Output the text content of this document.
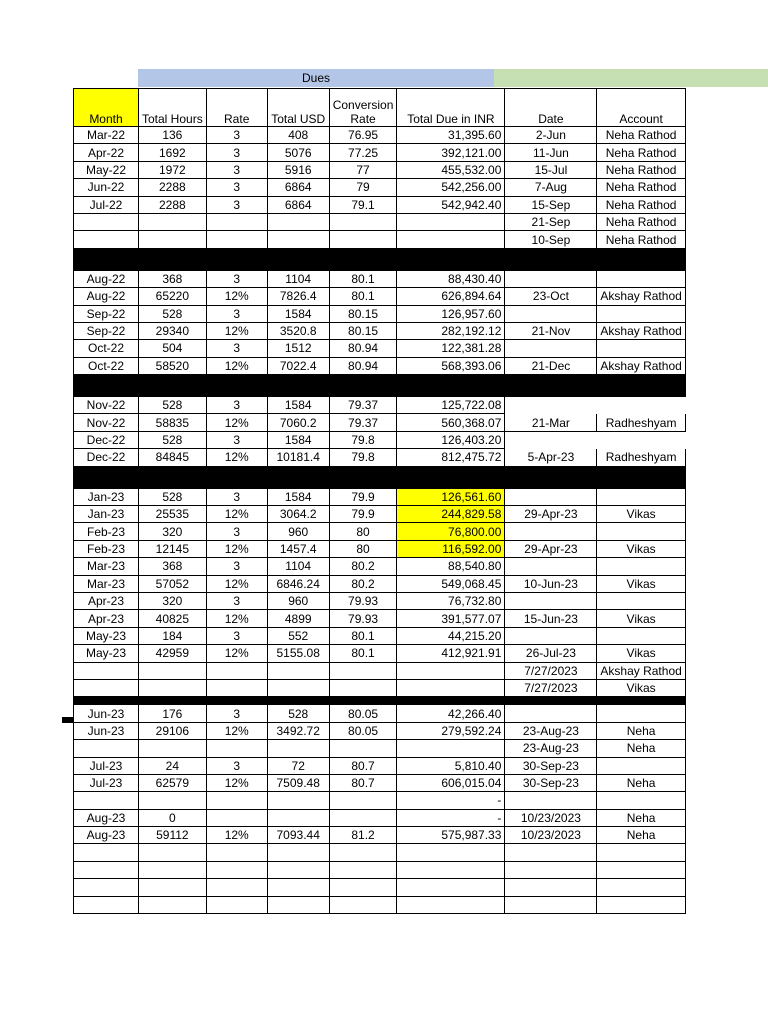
Dues
Month	Total Hours	Rate	Total USD	Conversion Rate	Total Due in INR	Date	Account
Mar-22	136	3	408	76.95	31,395.60	2-Jun	Neha Rathod
Apr-22	1692	3	5076	77.25	392,121.00	11-Jun	Neha Rathod
May-22	1972	3	5916	77	455,532.00	15-Jul	Neha Rathod
Jun-22	2288	3	6864	79	542,256.00	7-Aug	Neha Rathod
Jul-22	2288	3	6864	79.1	542,942.40	15-Sep	Neha Rathod
						21-Sep	Neha Rathod
						10-Sep	Neha Rathod

Aug-22	368	3	1104	80.1	88,430.40		
Aug-22	65220	12%	7826.4	80.1	626,894.64	23-Oct	Akshay Rathod
Sep-22	528	3	1584	80.15	126,957.60		
Sep-22	29340	12%	3520.8	80.15	282,192.12	21-Nov	Akshay Rathod
Oct-22	504	3	1512	80.94	122,381.28		
Oct-22	58520	12%	7022.4	80.94	568,393.06	21-Dec	Akshay Rathod

Nov-22	528	3	1584	79.37	125,722.08		
Nov-22	58835	12%	7060.2	79.37	560,368.07	21-Mar	Radheshyam
Dec-22	528	3	1584	79.8	126,403.20		
Dec-22	84845	12%	10181.4	79.8	812,475.72	5-Apr-23	Radheshyam

Jan-23	528	3	1584	79.9	126,561.60		
Jan-23	25535	12%	3064.2	79.9	244,829.58	29-Apr-23	Vikas
Feb-23	320	3	960	80	76,800.00		
Feb-23	12145	12%	1457.4	80	116,592.00	29-Apr-23	Vikas
Mar-23	368	3	1104	80.2	88,540.80		
Mar-23	57052	12%	6846.24	80.2	549,068.45	10-Jun-23	Vikas
Apr-23	320	3	960	79.93	76,732.80		
Apr-23	40825	12%	4899	79.93	391,577.07	15-Jun-23	Vikas
May-23	184	3	552	80.1	44,215.20		
May-23	42959	12%	5155.08	80.1	412,921.91	26-Jul-23	Vikas
						7/27/2023	Akshay Rathod
						7/27/2023	Vikas

Jun-23	176	3	528	80.05	42,266.40		
Jun-23	29106	12%	3492.72	80.05	279,592.24	23-Aug-23	Neha
						23-Aug-23	Neha
Jul-23	24	3	72	80.7	5,810.40	30-Sep-23	
Jul-23	62579	12%	7509.48	80.7	606,015.04	30-Sep-23	Neha
					-		
Aug-23	0				-	10/23/2023	Neha
Aug-23	59112	12%	7093.44	81.2	575,987.33	10/23/2023	Neha
